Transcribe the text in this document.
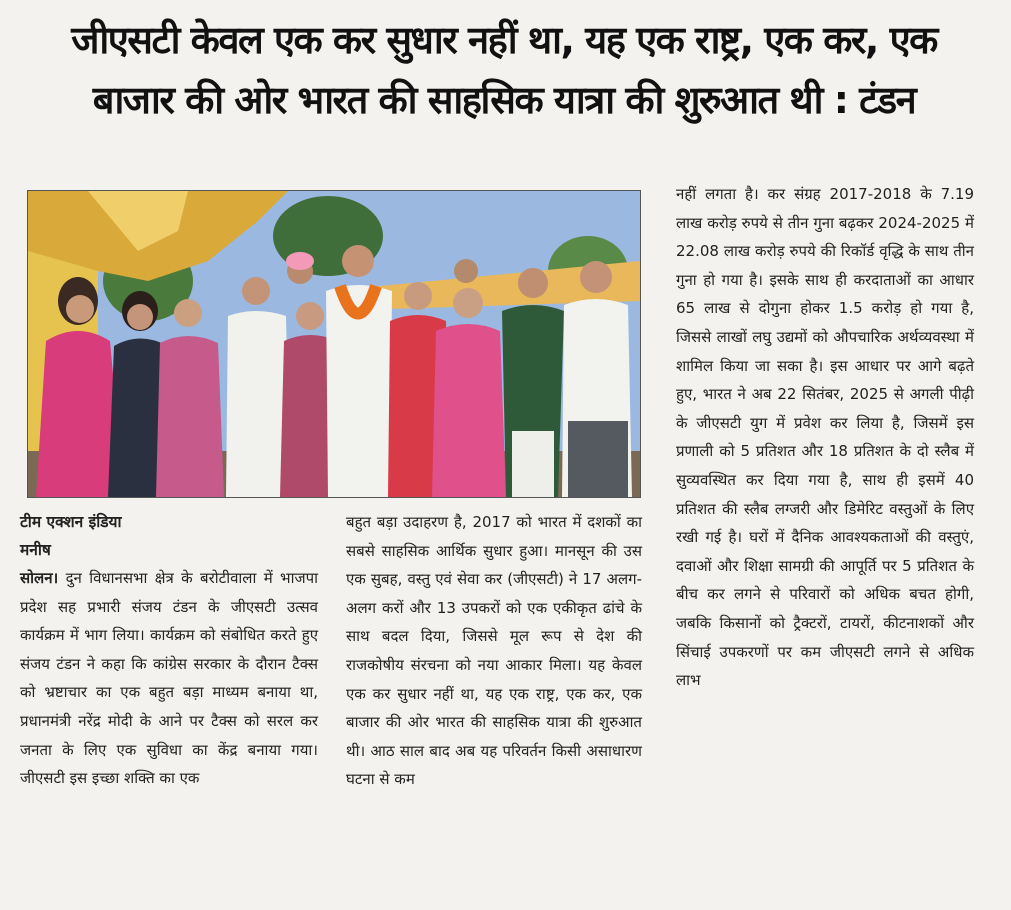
जीएसटी केवल एक कर सुधार नहीं था, यह एक राष्ट्र, एक कर, एक
बाजार की ओर भारत की साहसिक यात्रा की शुरुआत थी : टंडन
टीम एक्शन इंडिया
मनीष

सोलन। दुन विधानसभा क्षेत्र के बरोटीवाला में भाजपा प्रदेश सह प्रभारी संजय टंडन के जीएसटी उत्सव कार्यक्रम में भाग लिया। कार्यक्रम को संबोधित करते हुए संजय टंडन ने कहा कि कांग्रेस सरकार के दौरान टैक्स को भ्रष्टाचार का एक बहुत बड़ा माध्यम बनाया था, प्रधानमंत्री नरेंद्र मोदी के आने पर टैक्स को सरल कर जनता के लिए एक सुविधा का केंद्र बनाया गया। जीएसटी इस इच्छा शक्ति का एक

बहुत बड़ा उदाहरण है, 2017 को भारत में दशकों का सबसे साहसिक आर्थिक सुधार हुआ। मानसून की उस एक सुबह, वस्तु एवं सेवा कर (जीएसटी) ने 17 अलग-अलग करों और 13 उपकरों को एक एकीकृत ढांचे के साथ बदल दिया, जिससे मूल रूप से देश की राजकोषीय संरचना को नया आकार मिला। यह केवल एक कर सुधार नहीं था, यह एक राष्ट्र, एक कर, एक बाजार की ओर भारत की साहसिक यात्रा की शुरुआत थी। आठ साल बाद अब यह परिवर्तन किसी असाधारण घटना से कम

नहीं लगता है। कर संग्रह 2017-2018 के 7.19 लाख करोड़ रुपये से तीन गुना बढ़कर 2024-2025 में 22.08 लाख करोड़ रुपये की रिकॉर्ड वृद्धि के साथ तीन गुना हो गया है। इसके साथ ही करदाताओं का आधार 65 लाख से दोगुना होकर 1.5 करोड़ हो गया है, जिससे लाखों लघु उद्यमों को औपचारिक अर्थव्यवस्था में शामिल किया जा सका है। इस आधार पर आगे बढ़ते हुए, भारत ने अब 22 सितंबर, 2025 से अगली पीढ़ी के जीएसटी युग में प्रवेश कर लिया है, जिसमें इस प्रणाली को 5 प्रतिशत और 18 प्रतिशत के दो स्लैब में सुव्यवस्थित कर दिया गया है, साथ ही इसमें 40 प्रतिशत की स्लैब लग्जरी और डिमेरिट वस्तुओं के लिए रखी गई है। घरों में दैनिक आवश्यकताओं की वस्तुएं, दवाओं और शिक्षा सामग्री की आपूर्ति पर 5 प्रतिशत के बीच कर लगने से परिवारों को अधिक बचत होगी, जबकि किसानों को ट्रैक्टरों, टायरों, कीटनाशकों और सिंचाई उपकरणों पर कम जीएसटी लगने से अधिक लाभ
